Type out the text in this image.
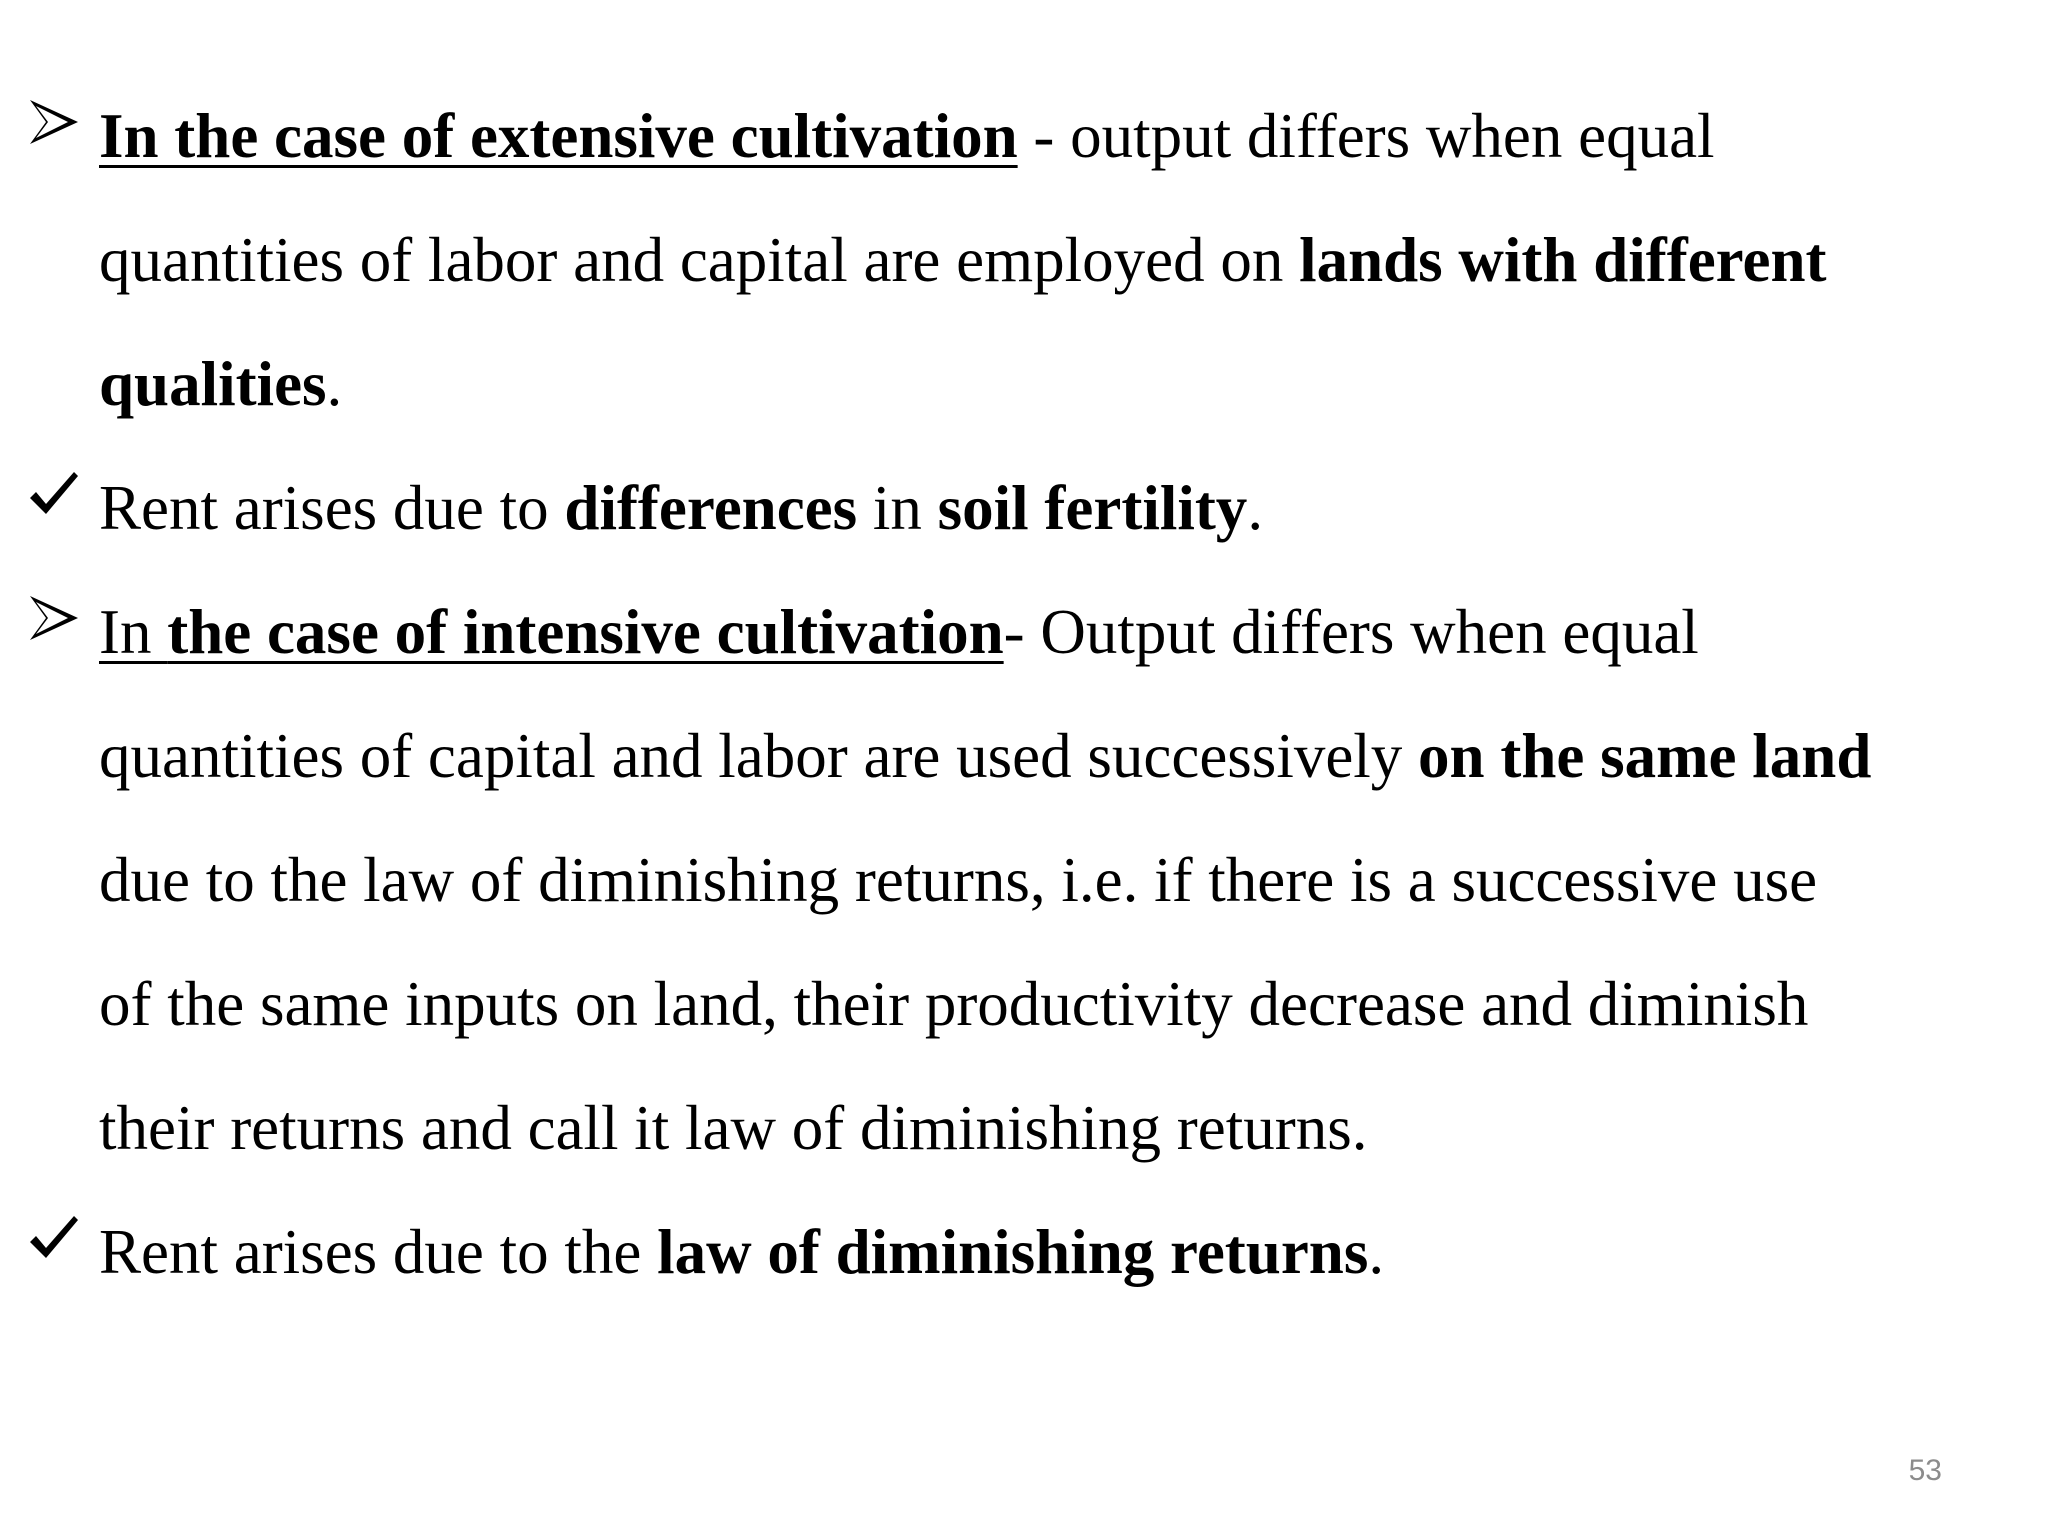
In the case of extensive cultivation - output differs when equal
quantities of labor and capital are employed on lands with different
qualities.
Rent arises due to differences in soil fertility.
In the case of intensive cultivation- Output differs when equal
quantities of capital and labor are used successively on the same land
due to the law of diminishing returns, i.e. if there is a successive use
of the same inputs on land, their productivity decrease and diminish
their returns and call it law of diminishing returns.
Rent arises due to the law of diminishing returns.
53
